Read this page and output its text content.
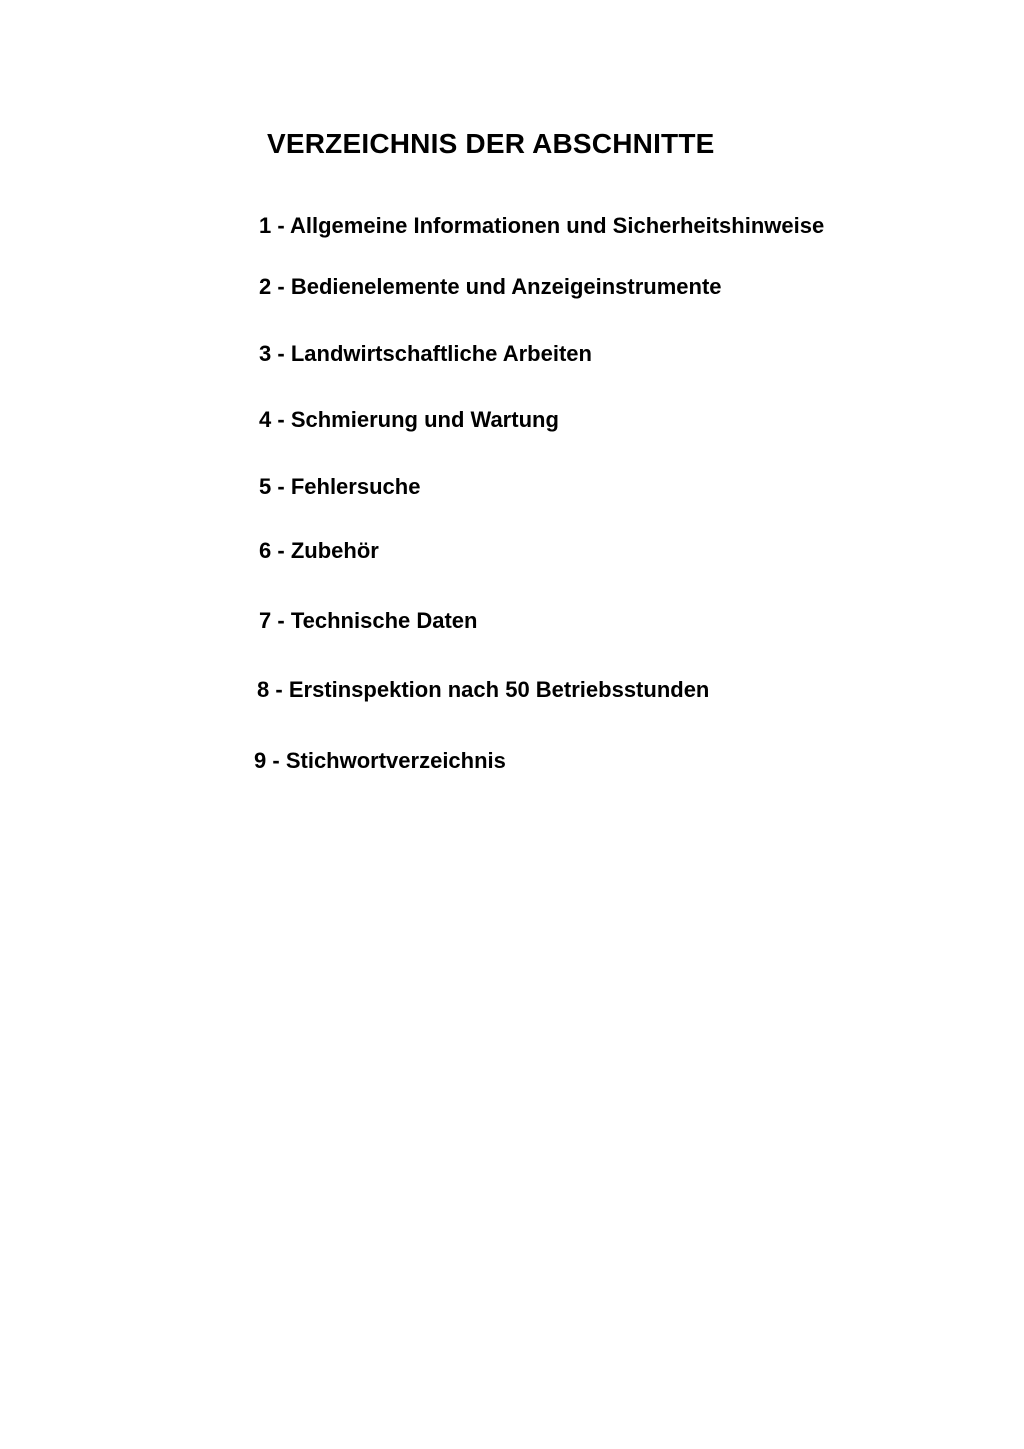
VERZEICHNIS DER ABSCHNITTE
1 - Allgemeine Informationen und Sicherheitshinweise
2 - Bedienelemente und Anzeigeinstrumente
3 - Landwirtschaftliche Arbeiten
4 - Schmierung und Wartung
5 - Fehlersuche
6 - Zubehör
7 - Technische Daten
8 - Erstinspektion nach 50 Betriebsstunden
9 - Stichwortverzeichnis
